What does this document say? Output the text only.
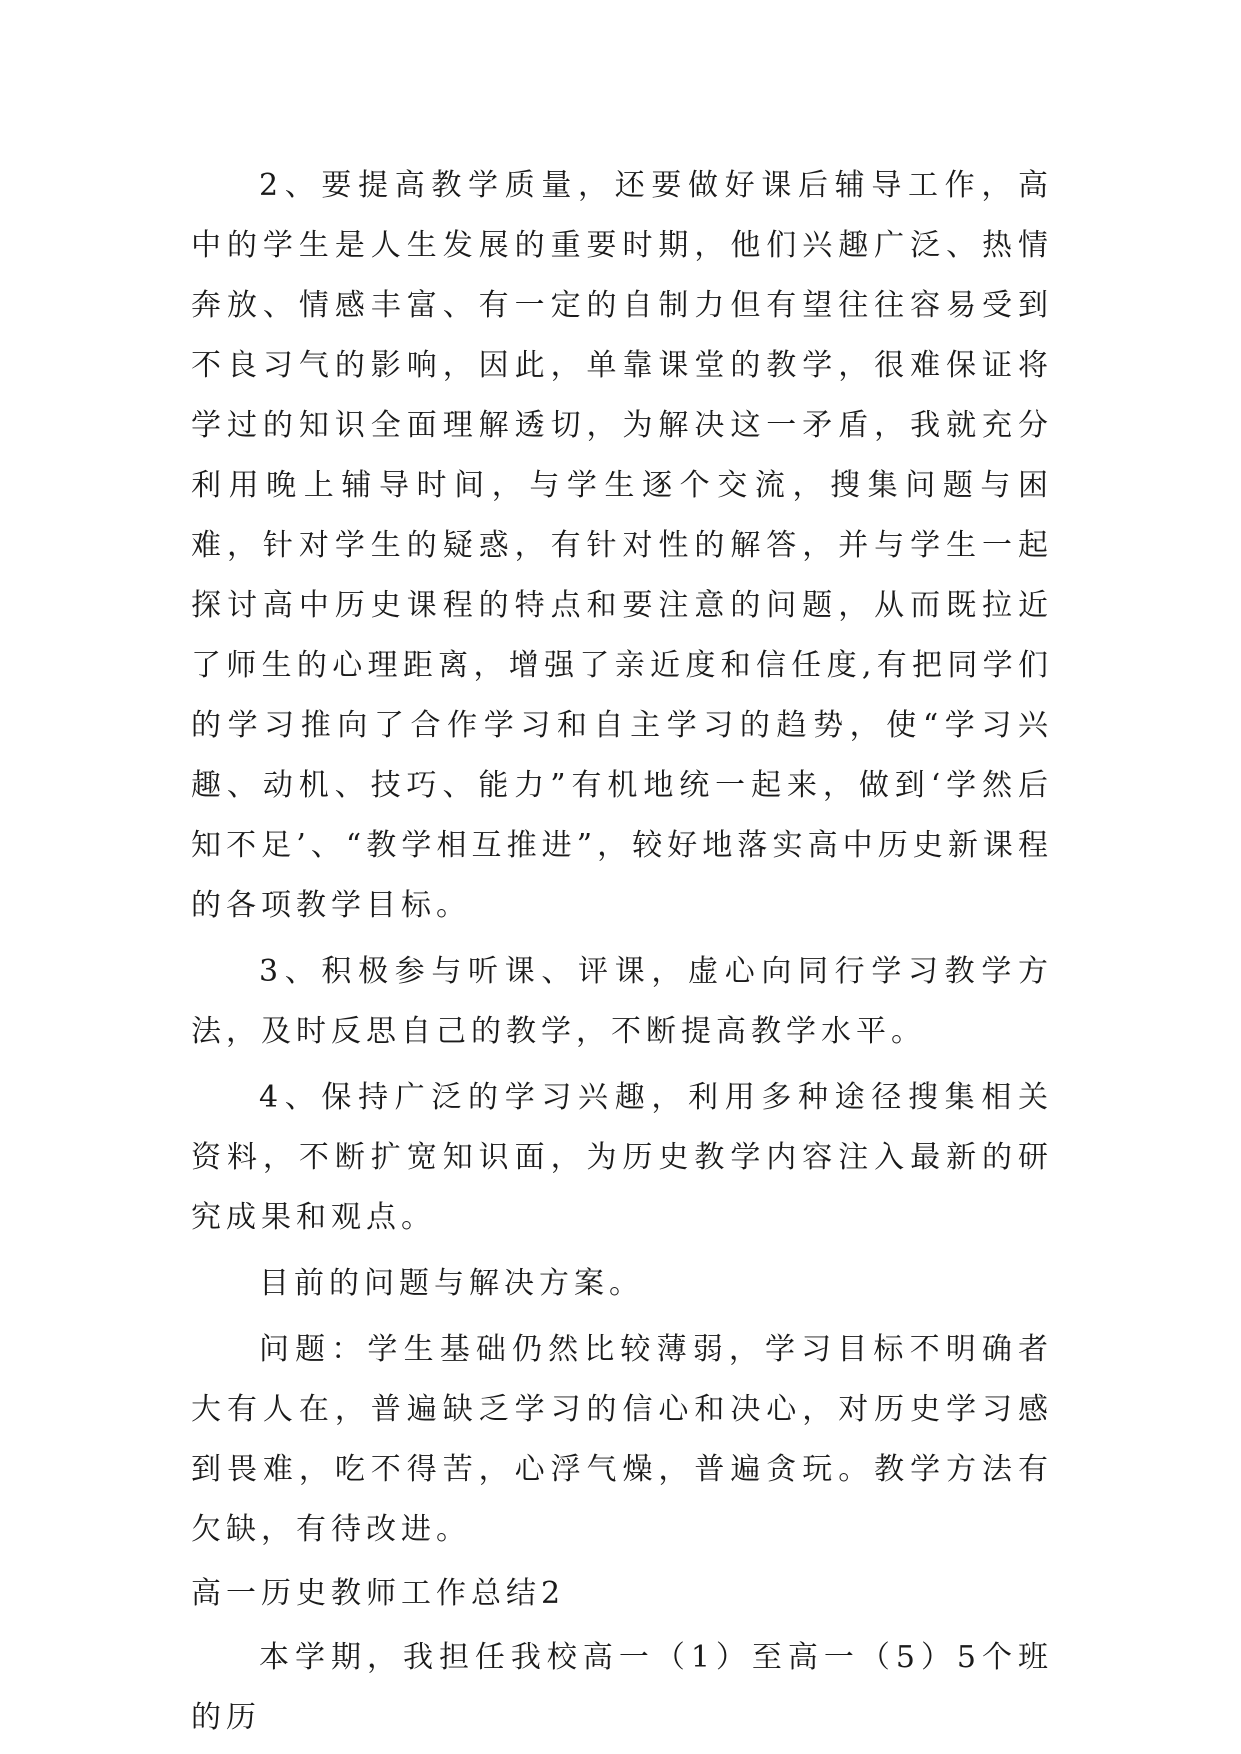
2、要提高教学质量，还要做好课后辅导工作，高中的学生是人生发展的重要时期，他们兴趣广泛、热情奔放、情感丰富、有一定的自制力但有望往往容易受到不良习气的影响，因此，单靠课堂的教学，很难保证将学过的知识全面理解透切，为解决这一矛盾，我就充分利用晚上辅导时间，与学生逐个交流，搜集问题与困难，针对学生的疑惑，有针对性的解答，并与学生一起探讨高中历史课程的特点和要注意的问题，从而既拉近了师生的心理距离，增强了亲近度和信任度,有把同学们的学习推向了合作学习和自主学习的趋势，使“学习兴趣、动机、技巧、能力”有机地统一起来，做到‘学然后知不足’、“教学相互推进”，较好地落实高中历史新课程的各项教学目标。

3、积极参与听课、评课，虚心向同行学习教学方法，及时反思自己的教学，不断提高教学水平。

4、保持广泛的学习兴趣，利用多种途径搜集相关资料，不断扩宽知识面，为历史教学内容注入最新的研究成果和观点。

目前的问题与解决方案。

问题：学生基础仍然比较薄弱，学习目标不明确者大有人在，普遍缺乏学习的信心和决心，对历史学习感到畏难，吃不得苦，心浮气燥，普遍贪玩。教学方法有欠缺，有待改进。

高一历史教师工作总结2

本学期，我担任我校高一（1）至高一（5）5个班的历
